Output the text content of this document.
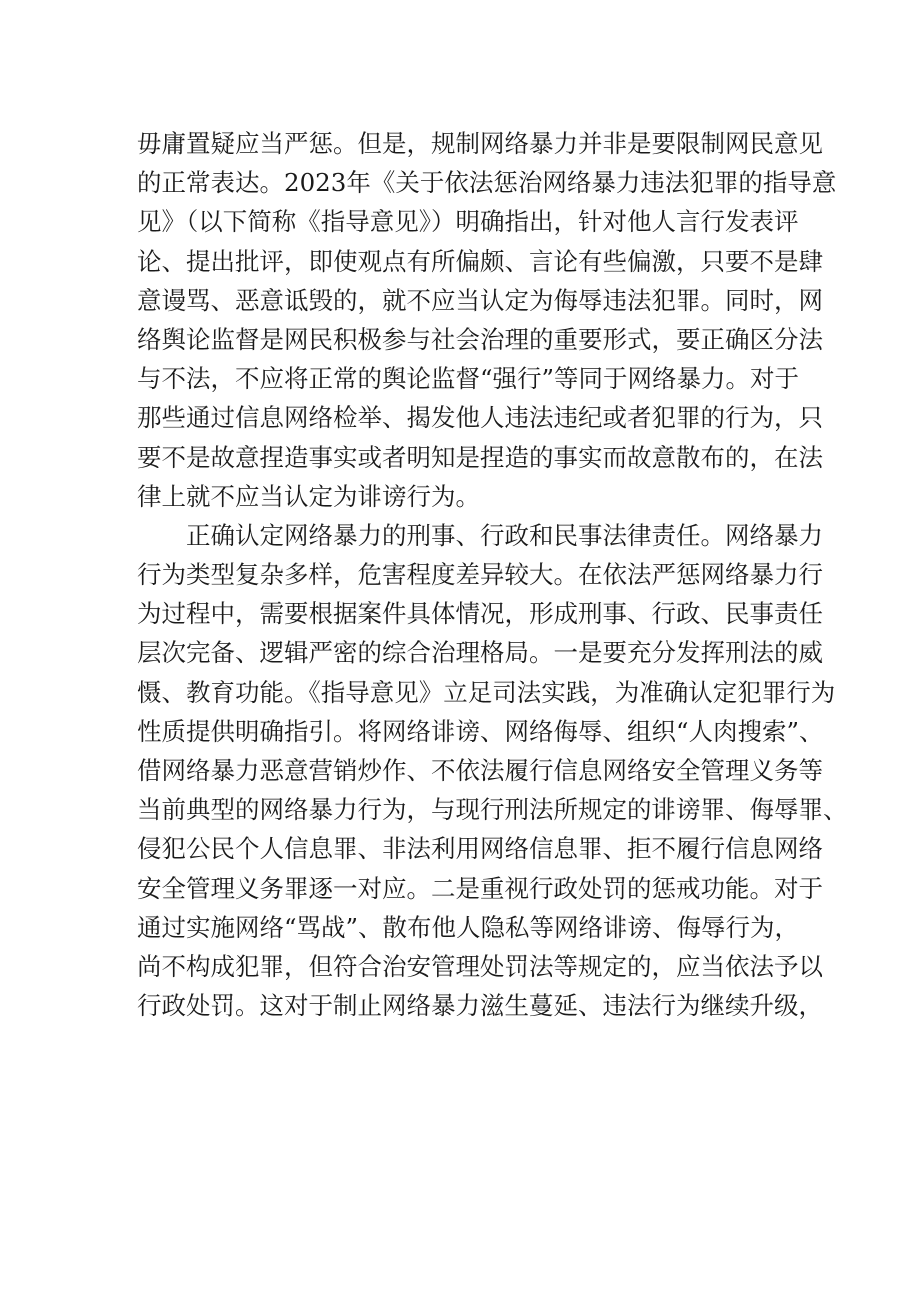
毋庸置疑应当严惩。但是，规制网络暴力并非是要限制网民意见
的正常表达。2023年《关于依法惩治网络暴力违法犯罪的指导意
见》（以下简称《指导意见》）明确指出，针对他人言行发表评
论、提出批评，即使观点有所偏颇、言论有些偏激，只要不是肆
意谩骂、恶意诋毁的，就不应当认定为侮辱违法犯罪。同时，网
络舆论监督是网民积极参与社会治理的重要形式，要正确区分法
与不法，不应将正常的舆论监督“强行”等同于网络暴力。对于
那些通过信息网络检举、揭发他人违法违纪或者犯罪的行为，只
要不是故意捏造事实或者明知是捏造的事实而故意散布的，在法
律上就不应当认定为诽谤行为。
正确认定网络暴力的刑事、行政和民事法律责任。网络暴力
行为类型复杂多样，危害程度差异较大。在依法严惩网络暴力行
为过程中，需要根据案件具体情况，形成刑事、行政、民事责任
层次完备、逻辑严密的综合治理格局。一是要充分发挥刑法的威
慑、教育功能。《指导意见》立足司法实践，为准确认定犯罪行为
性质提供明确指引。将网络诽谤、网络侮辱、组织“人肉搜索”、
借网络暴力恶意营销炒作、不依法履行信息网络安全管理义务等
当前典型的网络暴力行为，与现行刑法所规定的诽谤罪、侮辱罪、
侵犯公民个人信息罪、非法利用网络信息罪、拒不履行信息网络
安全管理义务罪逐一对应。二是重视行政处罚的惩戒功能。对于
通过实施网络“骂战”、散布他人隐私等网络诽谤、侮辱行为，
尚不构成犯罪，但符合治安管理处罚法等规定的，应当依法予以
行政处罚。这对于制止网络暴力滋生蔓延、违法行为继续升级，
